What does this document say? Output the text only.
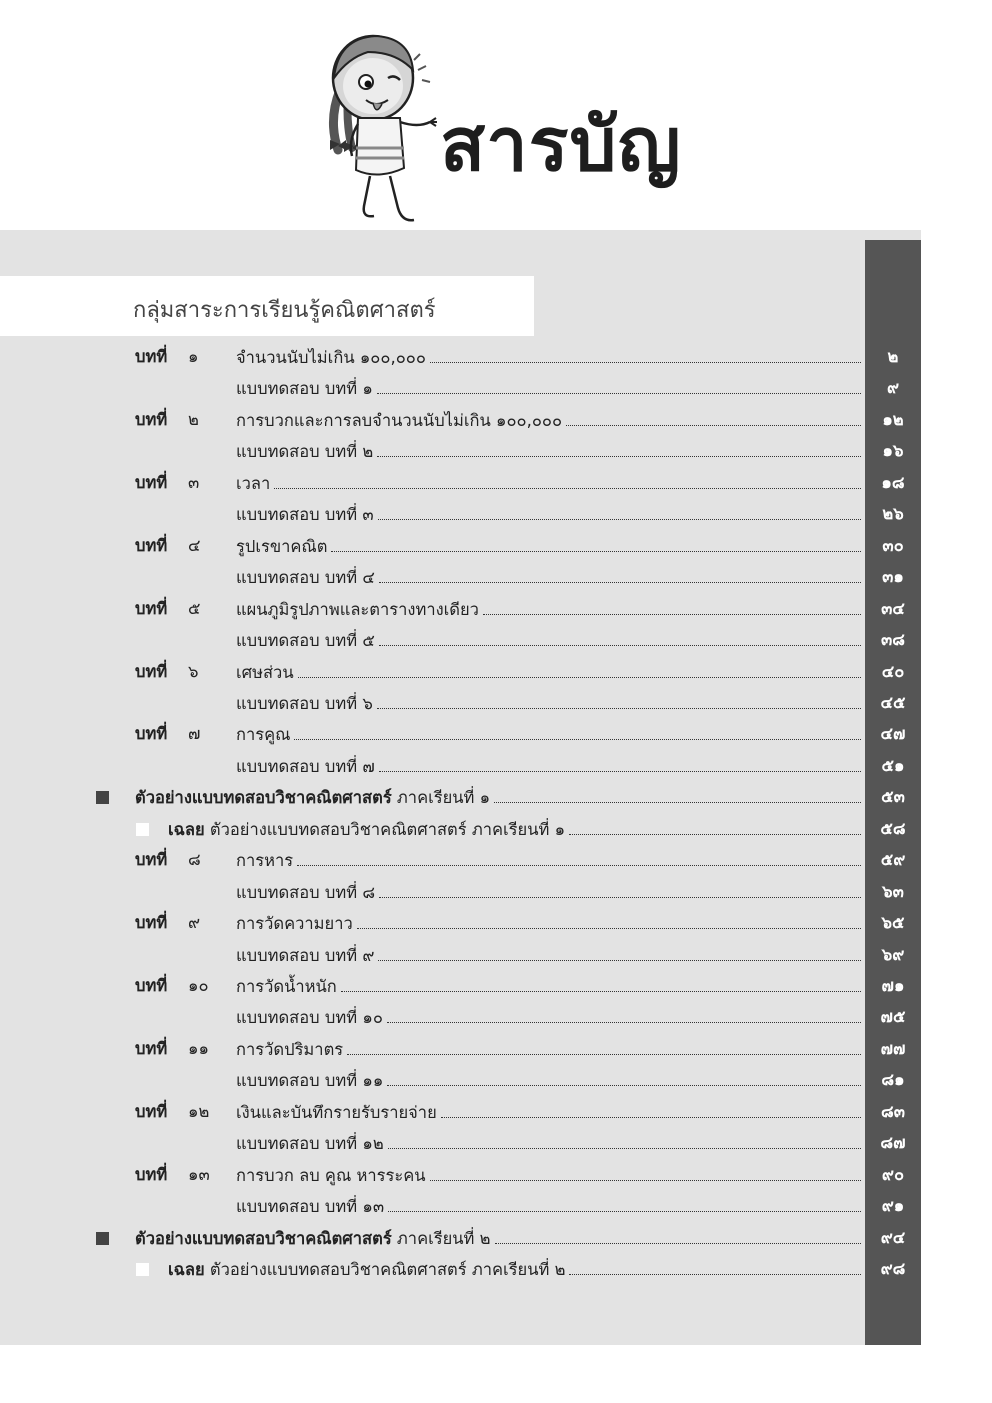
สารบัญ
กลุ่มสาระการเรียนรู้คณิตศาสตร์
บทที่	๑ จำนวนนับไม่เกิน ๑๐๐,๐๐๐	๒
แบบทดสอบ บทที่ ๑	๙
บทที่	๒ การบวกและการลบจำนวนนับไม่เกิน ๑๐๐,๐๐๐	๑๒
แบบทดสอบ บทที่ ๒	๑๖
บทที่	๓ เวลา	๑๘
แบบทดสอบ บทที่ ๓	๒๖
บทที่	๔ รูปเรขาคณิต	๓๐
แบบทดสอบ บทที่ ๔	๓๑
บทที่	๕ แผนภูมิรูปภาพและตารางทางเดียว	๓๔
แบบทดสอบ บทที่ ๕	๓๘
บทที่	๖ เศษส่วน	๔๐
แบบทดสอบ บทที่ ๖	๔๕
บทที่	๗ การคูณ	๔๗
แบบทดสอบ บทที่ ๗	๕๑
ตัวอย่างแบบทดสอบวิชาคณิตศาสตร์ ภาคเรียนที่ ๑	๕๓
เฉลย ตัวอย่างแบบทดสอบวิชาคณิตศาสตร์ ภาคเรียนที่ ๑	๕๘
บทที่	๘ การหาร	๕๙
แบบทดสอบ บทที่ ๘	๖๓
บทที่	๙ การวัดความยาว	๖๕
แบบทดสอบ บทที่ ๙	๖๙
บทที่	๑๐ การวัดน้ำหนัก	๗๑
แบบทดสอบ บทที่ ๑๐	๗๕
บทที่	๑๑ การวัดปริมาตร	๗๗
แบบทดสอบ บทที่ ๑๑	๘๑
บทที่	๑๒ เงินและบันทึกรายรับรายจ่าย	๘๓
แบบทดสอบ บทที่ ๑๒	๘๗
บทที่	๑๓ การบวก ลบ คูณ หารระคน	๙๐
แบบทดสอบ บทที่ ๑๓	๙๑
ตัวอย่างแบบทดสอบวิชาคณิตศาสตร์ ภาคเรียนที่ ๒	๙๔
เฉลย ตัวอย่างแบบทดสอบวิชาคณิตศาสตร์ ภาคเรียนที่ ๒	๙๘
